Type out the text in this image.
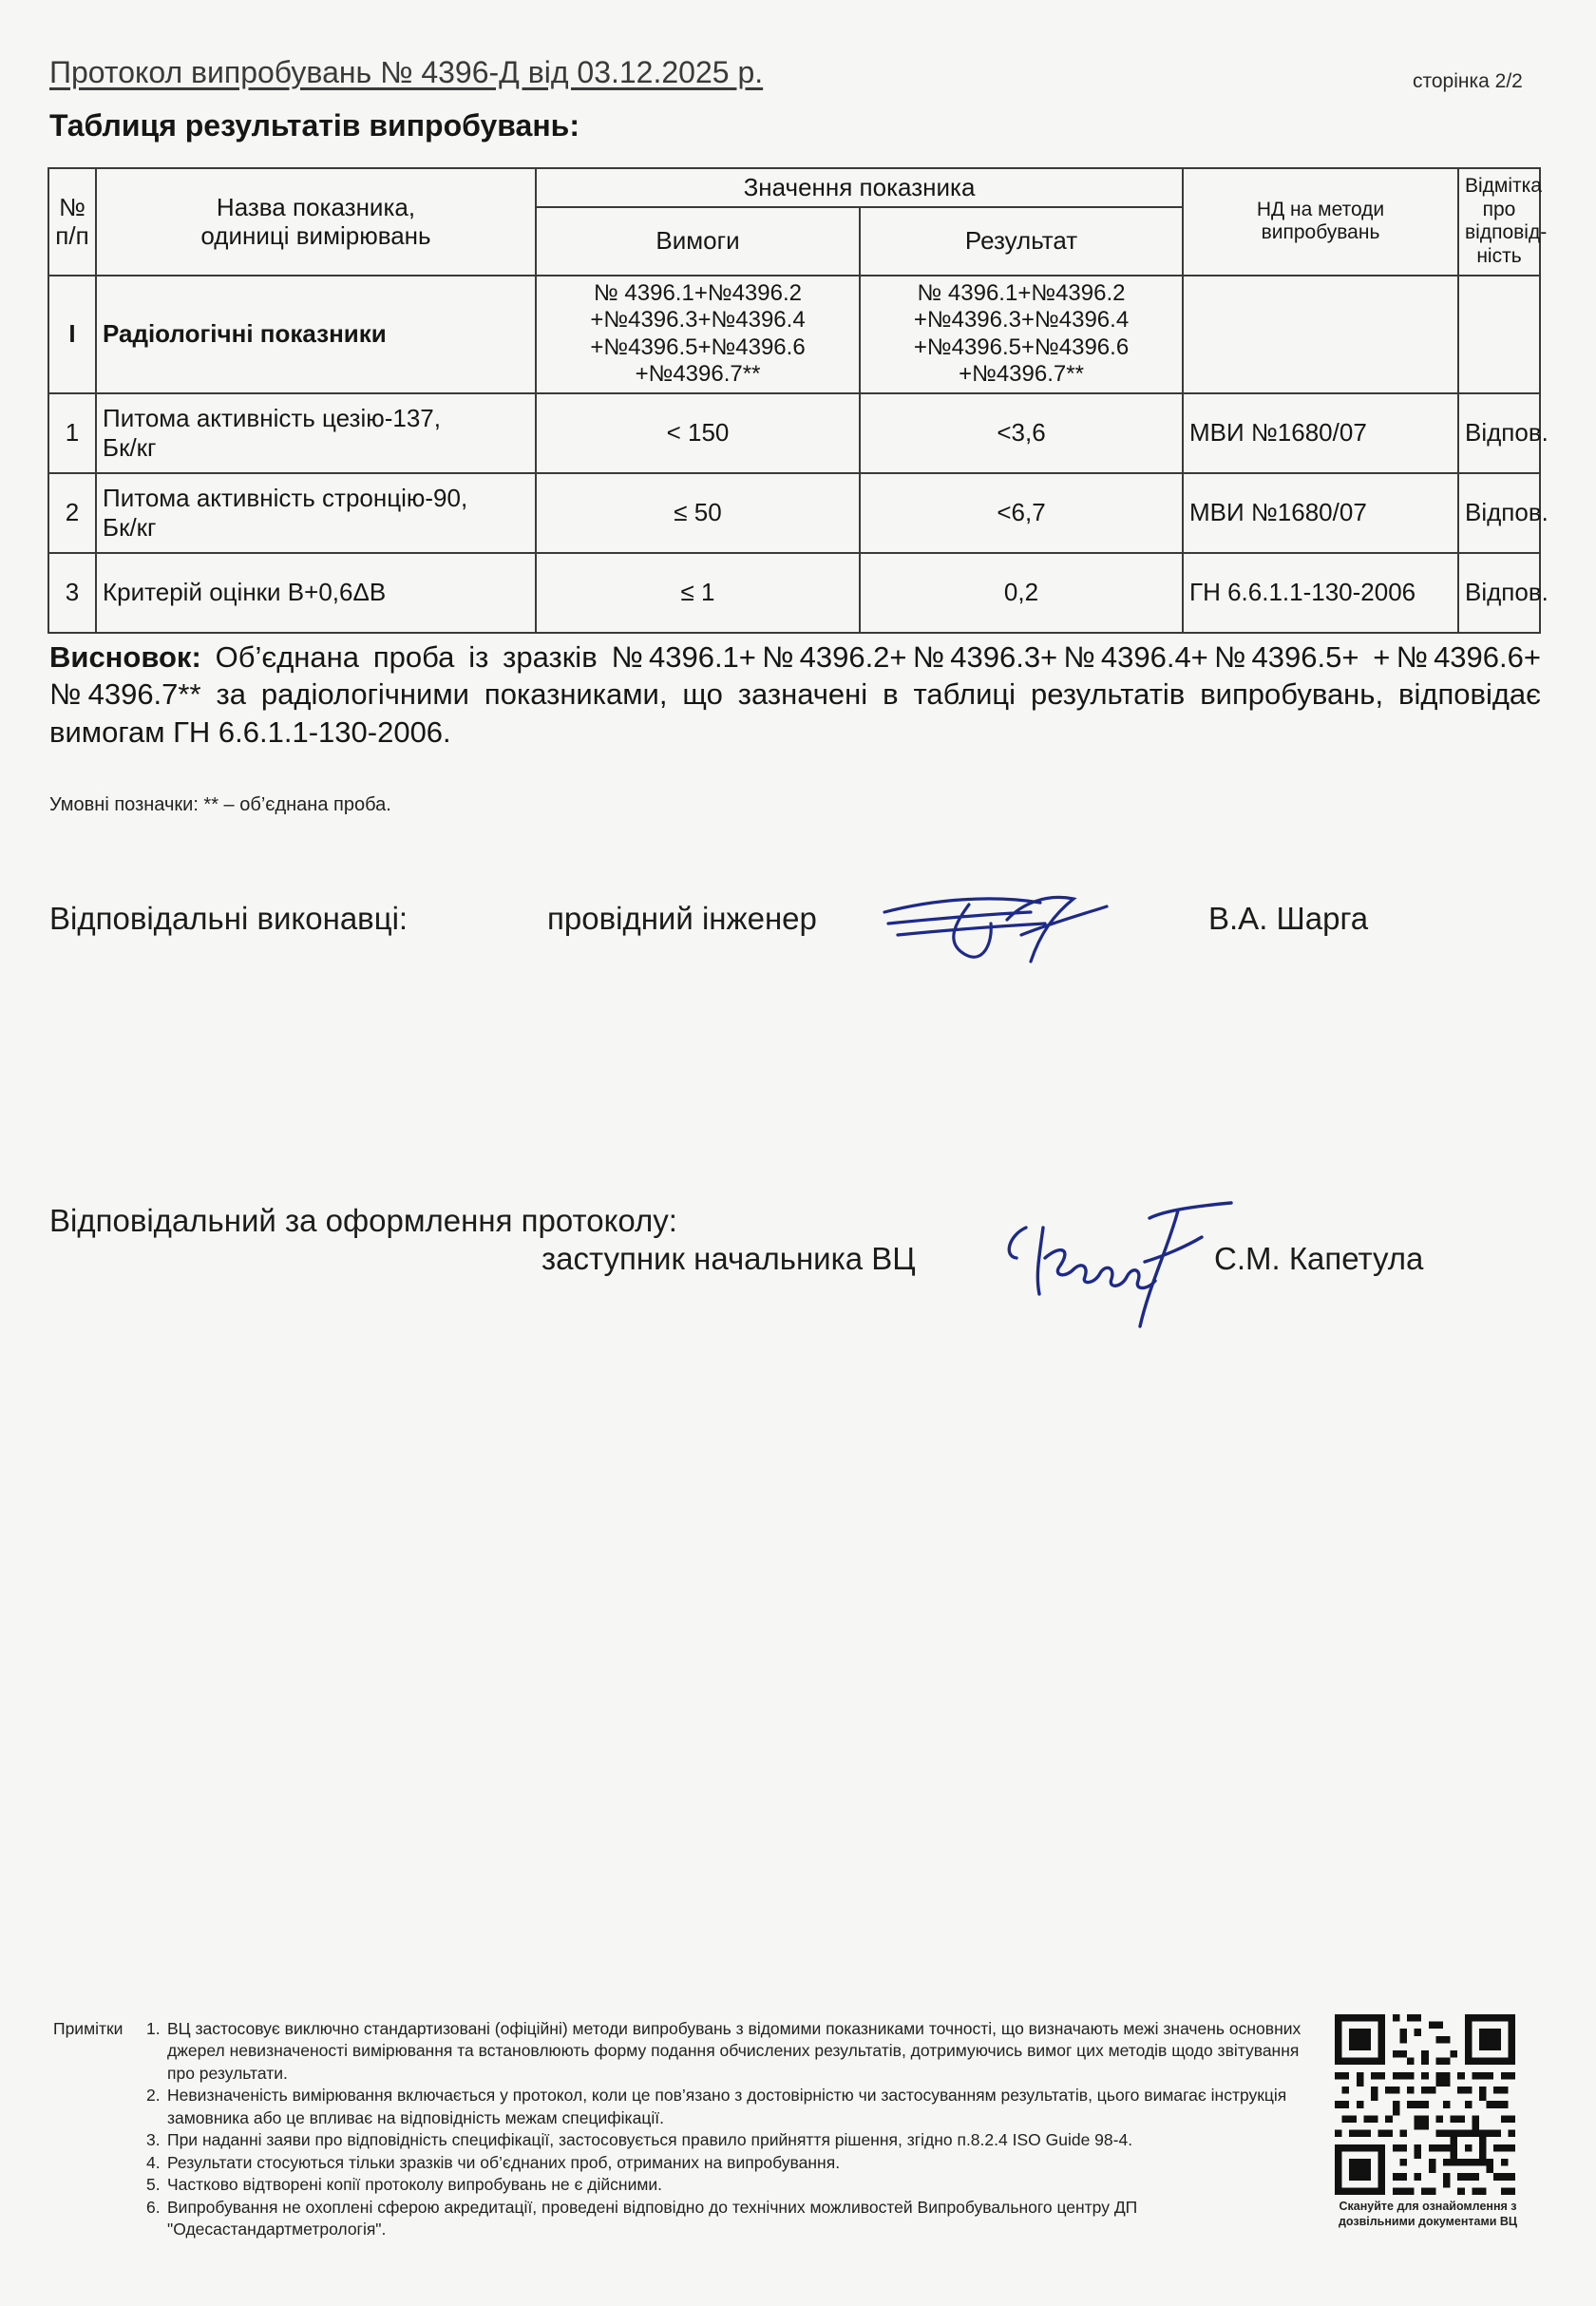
Протокол випробувань № 4396-Д від 03.12.2025 р.	сторінка 2/2
Таблиця результатів випробувань:
№
п/п	Назва показника,
одиниці вимірювань	Значення показника		НД на методи
випробувань	Відмітка
про
відповід-
ність
		Вимоги	Результат		
I	Радіологічні показники	№ 4396.1+№4396.2
+№4396.3+№4396.4
+№4396.5+№4396.6
+№4396.7**	№ 4396.1+№4396.2
+№4396.3+№4396.4
+№4396.5+№4396.6
+№4396.7**		
1	Питома активність цезію-137,
Бк/кг	< 150	<3,6	МВИ №1680/07	Відпов.
2	Питома активність стронцію-90,
Бк/кг	≤ 50	<6,7	МВИ №1680/07	Відпов.
3	Критерій оцінки В+0,6ΔВ	≤ 1	0,2	ГН 6.6.1.1-130-2006	Відпов.
Висновок: Об’єднана проба із зразків №4396.1+№4396.2+№4396.3+№4396.4+№4396.5+ +№4396.6+№4396.7** за радіологічними показниками, що зазначені в таблиці результатів випробувань, відповідає вимогам ГН 6.6.1.1-130-2006.
Умовні позначки: ** – об’єднана проба.
Відповідальні виконавці:	провідний інженер	В.А. Шарга
Відповідальний за оформлення протоколу:
заступник начальника ВЦ	С.М. Капетула
Примітки 1. ВЦ застосовує виключно стандартизовані (офіційні) методи випробувань з відомими показниками точності, що визначають межі значень основних джерел невизначеності вимірювання та встановлюють форму подання обчислених результатів, дотримуючись вимог цих методів щодо звітування про результати.
2. Невизначеність вимірювання включається у протокол, коли це пов’язано з достовірністю чи застосуванням результатів, цього вимагає інструкція замовника або це впливає на відповідність межам специфікації.
3. При наданні заяви про відповідність специфікації, застосовується правило прийняття рішення, згідно п.8.2.4 ISO Guide 98-4.
4. Результати стосуються тільки зразків чи об’єднаних проб, отриманих на випробування.
5. Частково відтворені копії протоколу випробувань не є дійсними.
6. Випробування не охоплені сферою акредитації, проведені відповідно до технічних можливостей Випробувального центру ДП "Одесастандартметрологія".
Скануйте для ознайомлення з дозвільними документами ВЦ
